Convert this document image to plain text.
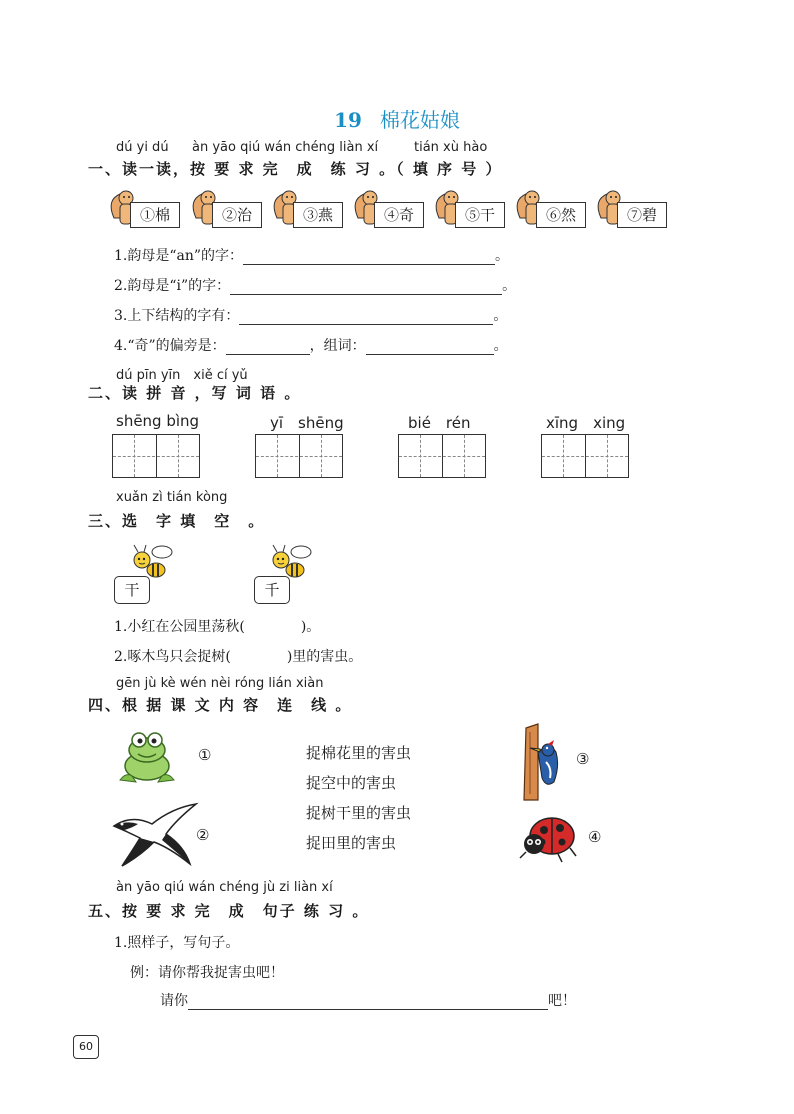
19 棉花姑娘
dú yi dú àn yāo qiú wán chéng liàn xí	tián xù hào
一、读一读，按 要 求 完　成　练 习 。（ 填 序 号 ）
①棉	②治	③燕	④奇	⑤干	⑥然	⑦碧
1.韵母是“an”的字：	。
2.韵母是“i”的字：	。
3.上下结构的字有：	。
4.“奇”的偏旁是：	，组词：	。
dú pīn yīn　xiě cí yǔ
二、读 拼 音 ，写 词 语 。
shēng bìng	yī　shēng	bié　rén	xīng　xing
xuǎn zì tián kòng
三、选　字 填　空　。
干	千
1.小红在公园里荡秋(	)。
2.啄木鸟只会捉树(	)里的害虫。
gēn jù kè wén nèi róng lián xiàn
四、根 据 课 文 内 容　连　线 。
①
②
捉棉花里的害虫
捉空中的害虫
捉树干里的害虫
捉田里的害虫
③
④
àn yāo qiú wán chéng jù zi liàn xí
五、按 要 求 完　成　句子 练 习 。
1.照样子，写句子。
例：请你帮我捉害虫吧！
请你	吧！
60
